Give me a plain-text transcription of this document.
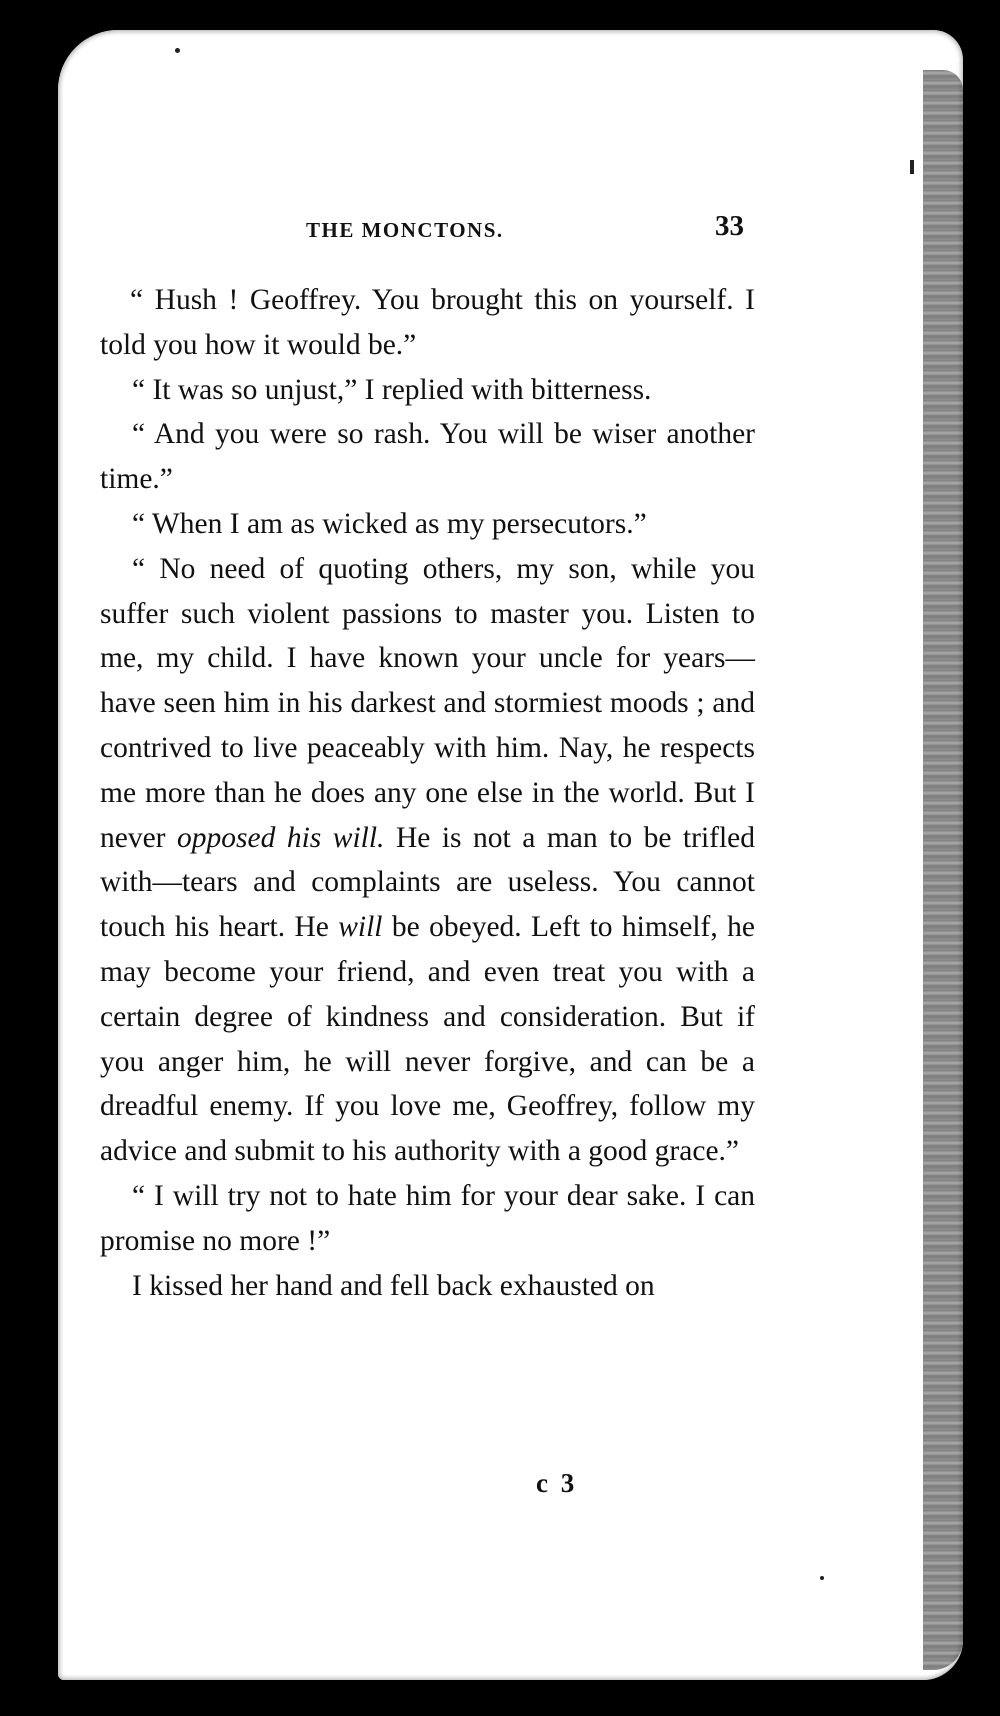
THE MONCTONS.	33

“ Hush ! Geoffrey. You brought this on yourself. I told you how it would be.”

“ It was so unjust,” I replied with bitterness.

“ And you were so rash. You will be wiser another time.”

“ When I am as wicked as my persecutors.”

“ No need of quoting others, my son, while you suffer such violent passions to master you. Listen to me, my child. I have known your uncle for years—have seen him in his darkest and stormiest moods ; and contrived to live peaceably with him. Nay, he respects me more than he does any one else in the world. But I never opposed his will. He is not a man to be trifled with—tears and complaints are useless. You cannot touch his heart. He will be obeyed. Left to himself, he may become your friend, and even treat you with a certain degree of kindness and consideration. But if you anger him, he will never forgive, and can be a dreadful enemy. If you love me, Geoffrey, follow my advice and submit to his authority with a good grace.”

“ I will try not to hate him for your dear sake. I can promise no more !”

I kissed her hand and fell back exhausted on

c 3
